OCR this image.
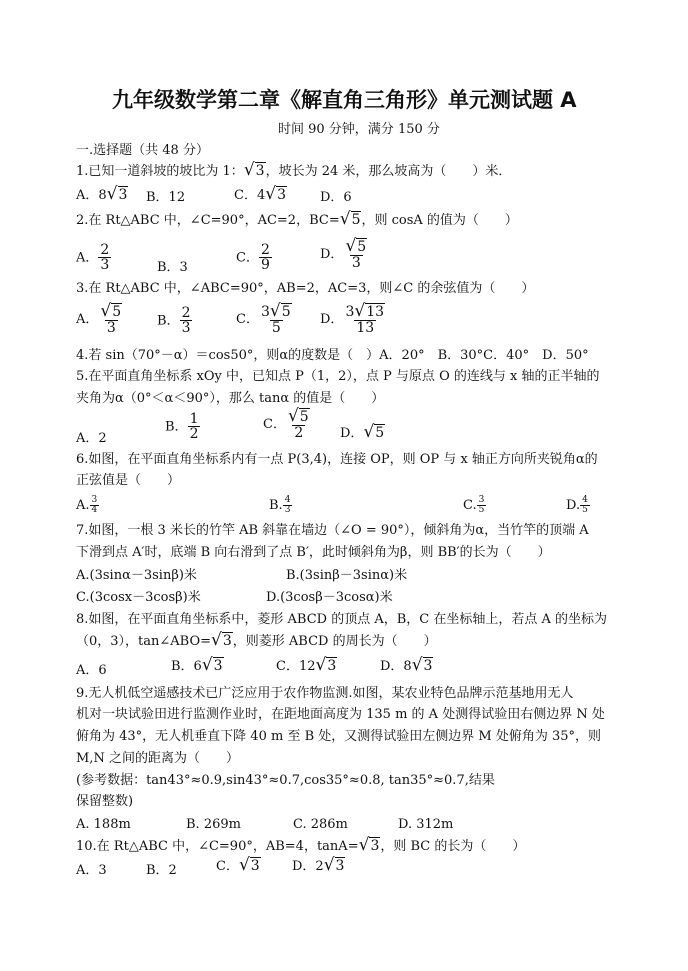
九年级数学第二章《解直角三角形》单元测试题 A
时间 90 分钟，满分 150 分
一.选择题（共 48 分）
1.已知一道斜坡的坡比为 1：√3，坡长为 24 米，那么坡高为（　　）米．
A．8√3 B．12	C．4√3	D．6
2.在 Rt△ABC 中，∠C=90°，AC=2，BC=√5，则 cosA 的值为（　　）
A． $\frac{2}{3}$	B．3
C． $\frac{2}{9}$	D． $\frac{√5}{3}$
3.在 Rt△ABC 中，∠ABC=90°，AB=2，AC=3，则∠C 的余弦值为（　　）
A． $\frac{√5}{3}$	B． $\frac{2}{3}$	C． $\frac{3√5}{5}$ D． $\frac{3√13}{13}$
4.若 sin（70°－α）＝cos50°，则α的度数是（　）A．20°　B．30°C．40°　D．50°
5.在平面直角坐标系 xOy 中，已知点 P（1，2），点 P 与原点 O 的连线与 x 轴的正半轴的
夹角为α（0°＜α＜90°），那么 tanα 的值是（　　）
A．2
B． $\frac{1}{2}$	C． $\frac{√5}{2}$ D．√5
6.如图，在平面直角坐标系内有一点 P(3,4)，连接 OP，则 OP 与 x 轴正方向所夹锐角α的
正弦值是（　　）
A. $\frac{3}{4}$	B. $\frac{4}{3}$	C. $\frac{3}{5}$	D. $\frac{4}{5}$
7.如图，一根 3 米长的竹竿 AB 斜靠在墙边（∠O = 90°），倾斜角为α，当竹竿的顶端 A
下滑到点 A′时，底端 B 向右滑到了点 B′，此时倾斜角为β，则 BB′的长为（　　）
A.(3sinα－3sinβ)米	B.(3sinβ－3sinα)米
C.(3cosx－3cosβ)米	D.(3cosβ－3cosα)米
8.如图，在平面直角坐标系中，菱形 ABCD 的顶点 A，B，C 在坐标轴上，若点 A 的坐标为
（0，3），tan∠ABO=√3，则菱形 ABCD 的周长为（　　）
A．6	B．6√3	C．12√3	D．8√3
9.无人机低空遥感技术已广泛应用于农作物监测.如图，某农业特色品牌示范基地用无人
机对一块试验田进行监测作业时，在距地面高度为 135 m 的 A 处测得试验田右侧边界 N 处
俯角为 43°，无人机垂直下降 40 m 至 B 处，又测得试验田左侧边界 M 处俯角为 35°，则
M,N 之间的距离为（　　）
(参考数据：tan43°≈0.9,sin43°≈0.7,cos35°≈0.8, tan35°≈0.7,结果
保留整数)
A. 188m	B. 269m	C. 286m	D. 312m
10.在 Rt△ABC 中，∠C=90°，AB=4，tanA=√3，则 BC 的长为（　　）
A．3	B．2	C．√3 D．2√3
